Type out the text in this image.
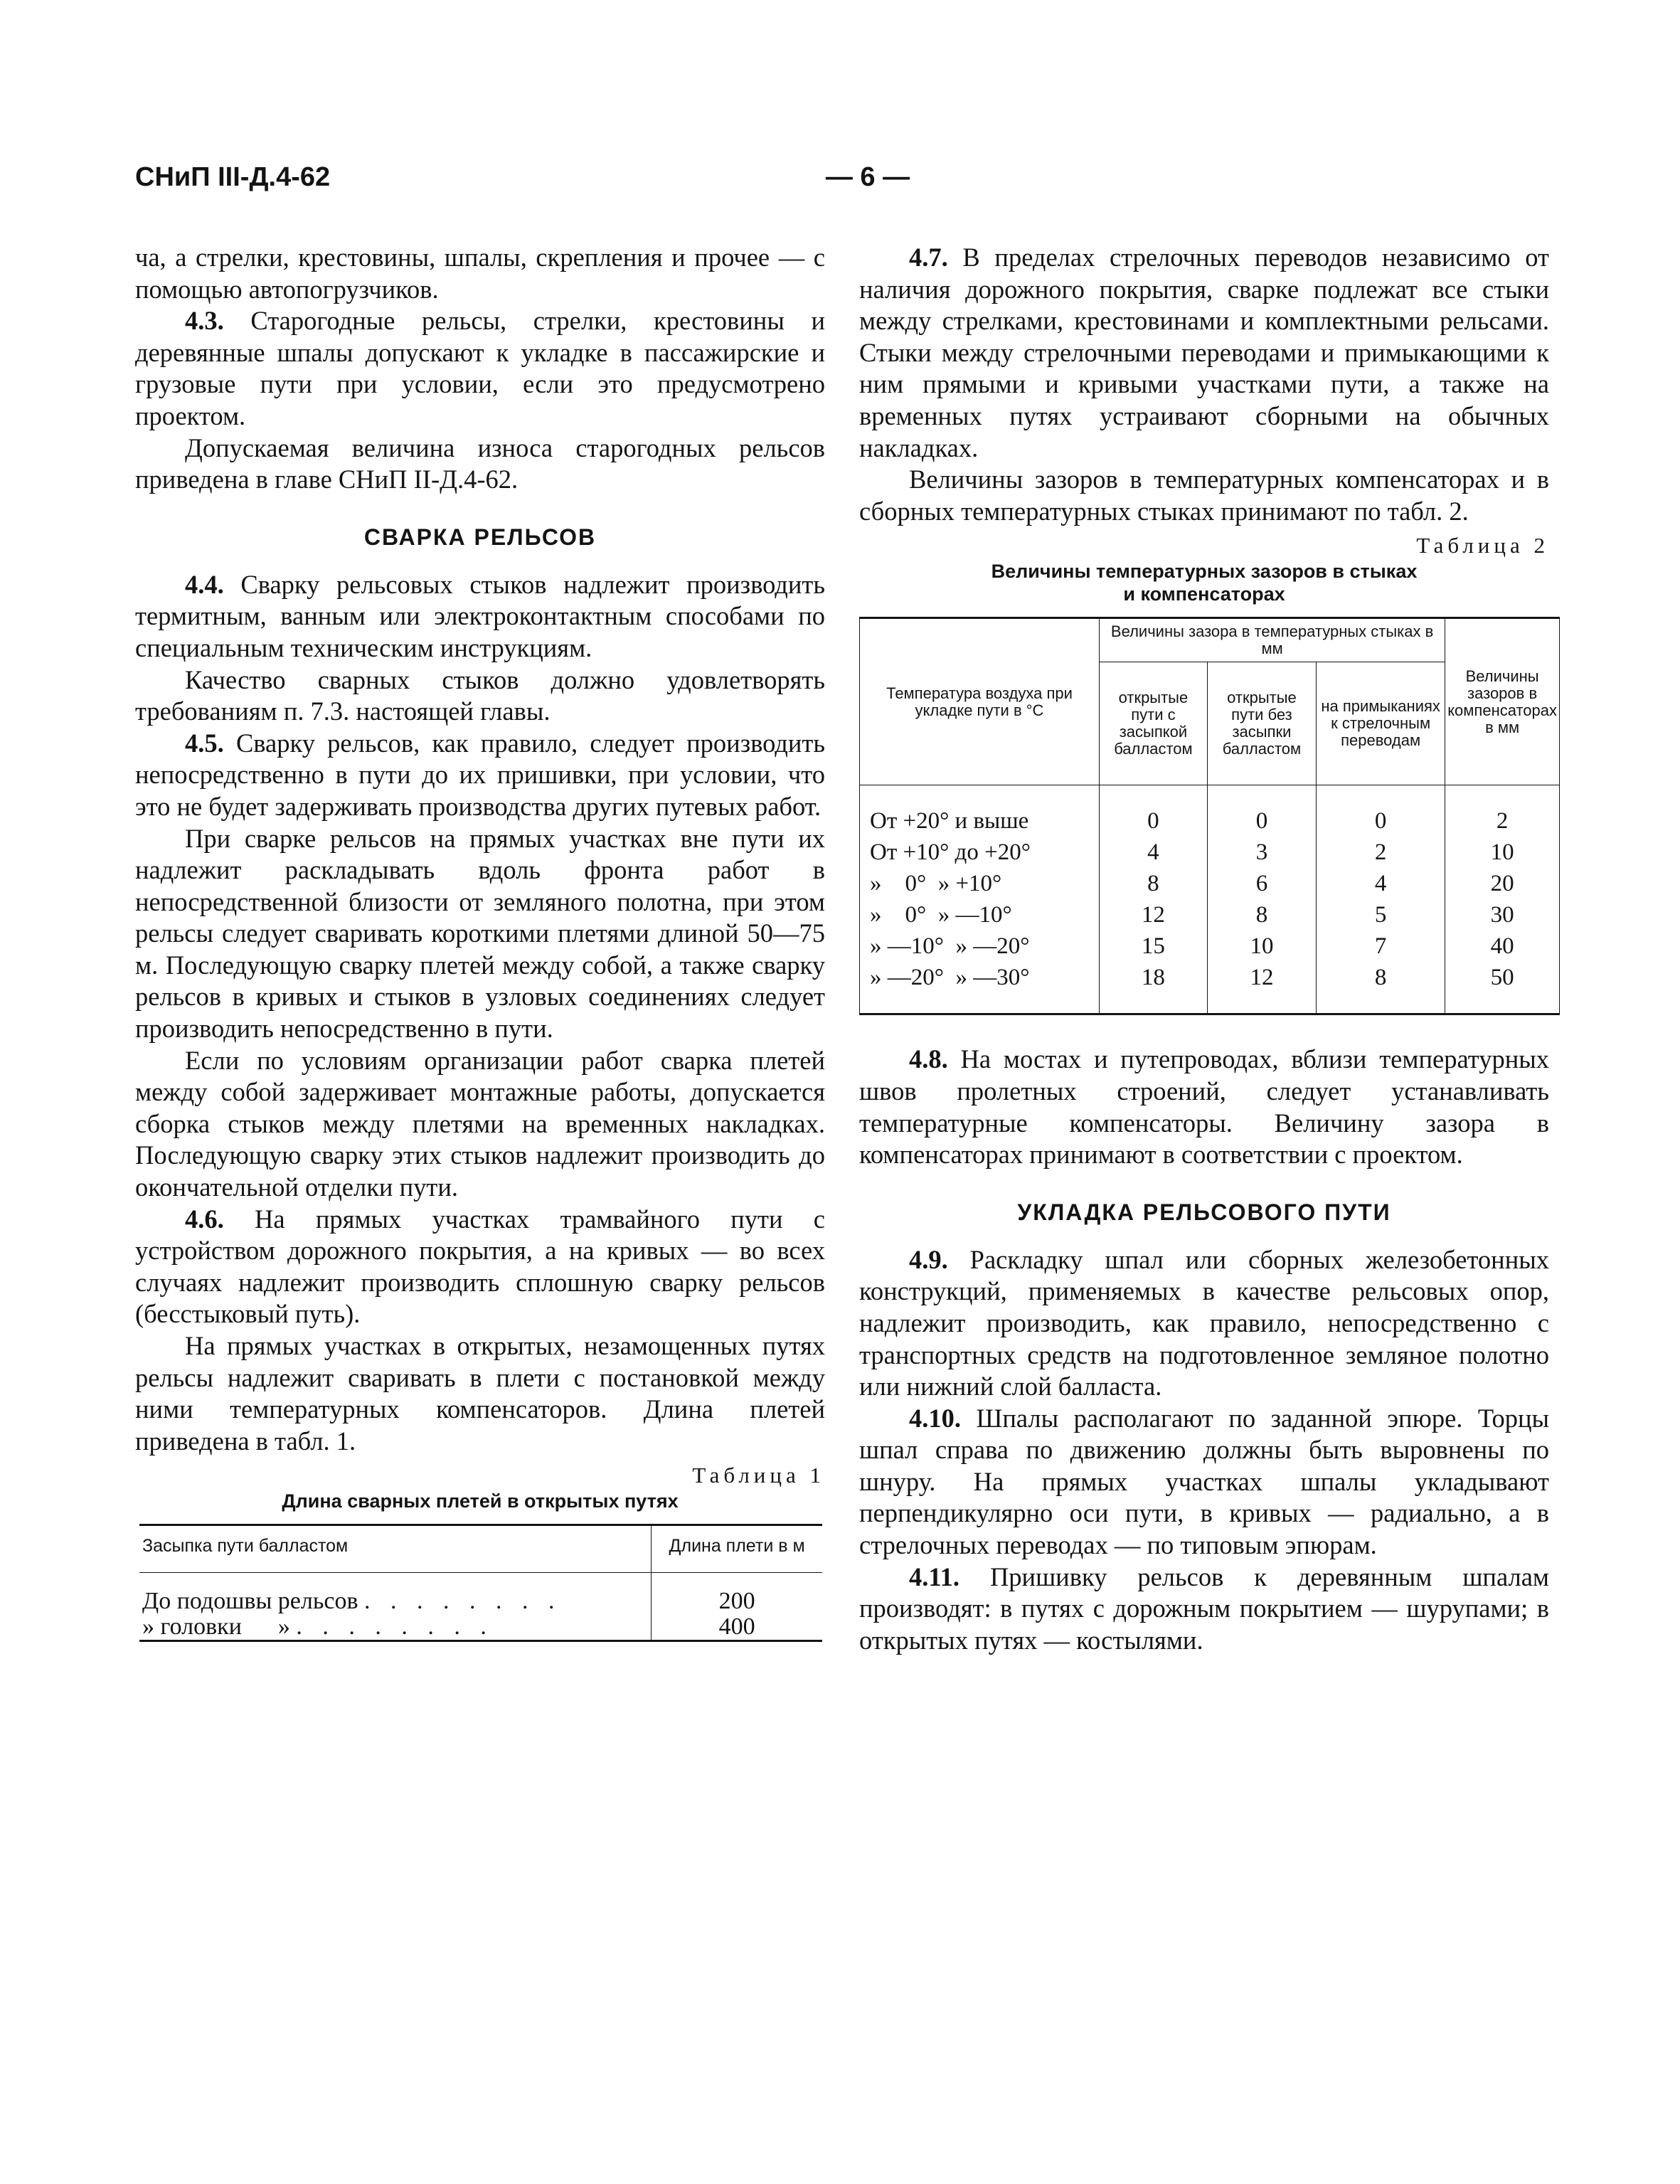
СНиП III-Д.4-62	— 6 —

ча, а стрелки, крестовины, шпалы, скрепления и прочее — с помощью автопогрузчиков.

4.3. Старогодные рельсы, стрелки, крестовины и деревянные шпалы допускают к укладке в пассажирские и грузовые пути при условии, если это предусмотрено проектом.

Допускаемая величина износа старогодных рельсов приведена в главе СНиП II-Д.4-62.

СВАРКА РЕЛЬСОВ

4.4. Сварку рельсовых стыков надлежит производить термитным, ванным или электроконтактным способами по специальным техническим инструкциям.

Качество сварных стыков должно удовлетворять требованиям п. 7.3. настоящей главы.

4.5. Сварку рельсов, как правило, следует производить непосредственно в пути до их пришивки, при условии, что это не будет задерживать производства других путевых работ.

При сварке рельсов на прямых участках вне пути их надлежит раскладывать вдоль фронта работ в непосредственной близости от земляного полотна, при этом рельсы следует сваривать короткими плетями длиной 50—75 м. Последующую сварку плетей между собой, а также сварку рельсов в кривых и стыков в узловых соединениях следует производить непосредственно в пути.

Если по условиям организации работ сварка плетей между собой задерживает монтажные работы, допускается сборка стыков между плетями на временных накладках. Последующую сварку этих стыков надлежит производить до окончательной отделки пути.

4.6. На прямых участках трамвайного пути с устройством дорожного покрытия, а на кривых — во всех случаях надлежит производить сплошную сварку рельсов (бесстыковый путь).

На прямых участках в открытых, незамощенных путях рельсы надлежит сваривать в плети с постановкой между ними температурных компенсаторов. Длина плетей приведена в табл. 1.

Таблица 1
Длина сварных плетей в открытых путях
Засыпка пути балластом	Длина плети в м
До подошвы рельсов . . . . . . . .	200
» головки      » . . . . . . . .	400

4.7. В пределах стрелочных переводов независимо от наличия дорожного покрытия, сварке подлежат все стыки между стрелками, крестовинами и комплектными рельсами. Стыки между стрелочными переводами и примыкающими к ним прямыми и кривыми участками пути, а также на временных путях устраивают сборными на обычных накладках.

Величины зазоров в температурных компенсаторах и в сборных температурных стыках принимают по табл. 2.

Таблица 2
Величины температурных зазоров в стыках
и компенсаторах
Температура воздуха при укладке пути в °С	Величины зазора в температурных стыках в мм			Величины зазоров в компенсаторах в мм
	открытые пути с засыпкой балластом	открытые пути без засыпки балластом	на примыканиях к стрелочным переводам	
От +20° и выше	0	0	0	2
От +10° до +20°	4	3	2	10
»    0°  » +10°	8	6	4	20
»    0°  » —10°	12	8	5	30
» —10°  » —20°	15	10	7	40
» —20°  » —30°	18	12	8	50

4.8. На мостах и путепроводах, вблизи температурных швов пролетных строений, следует устанавливать температурные компенсаторы. Величину зазора в компенсаторах принимают в соответствии с проектом.

УКЛАДКА РЕЛЬСОВОГО ПУТИ

4.9. Раскладку шпал или сборных железобетонных конструкций, применяемых в качестве рельсовых опор, надлежит производить, как правило, непосредственно с транспортных средств на подготовленное земляное полотно или нижний слой балласта.

4.10. Шпалы располагают по заданной эпюре. Торцы шпал справа по движению должны быть выровнены по шнуру. На прямых участках шпалы укладывают перпендикулярно оси пути, в кривых — радиально, а в стрелочных переводах — по типовым эпюрам.

4.11. Пришивку рельсов к деревянным шпалам производят: в путях с дорожным покрытием — шурупами; в открытых путях — костылями.
